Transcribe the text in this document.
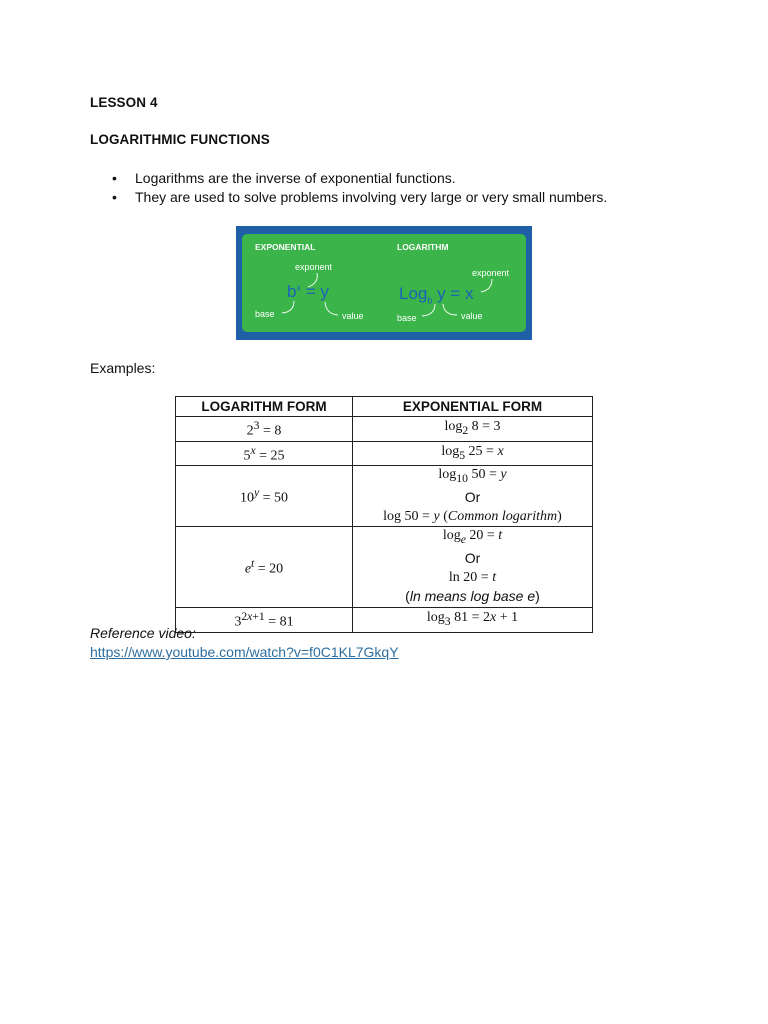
LESSON 4
LOGARITHMIC FUNCTIONS
• Logarithms are the inverse of exponential functions.
• They are used to solve problems involving very large or very small numbers.
EXPONENTIAL	LOGARITHM
exponent
$b^x = y$
base	value
exponent
Log$_b$ y = x
base	value
Examples:
LOGARITHM FORM	EXPONENTIAL FORM
$2^3 = 8$	$\log_2 8 = 3$
$5^x = 25$	$\log_5 25 = x$
$10^y = 50$	$\log_{10} 50 = y$
Or
log 50 = y (Common logarithm)
$e^t = 20$	$\log_e 20 = t$
Or
ln 20 = t
(ln means log base e)
$3^{2x+1} = 81$	$\log_3 81 = 2x + 1$
Reference video:
https://www.youtube.com/watch?v=f0C1KL7GkqY
